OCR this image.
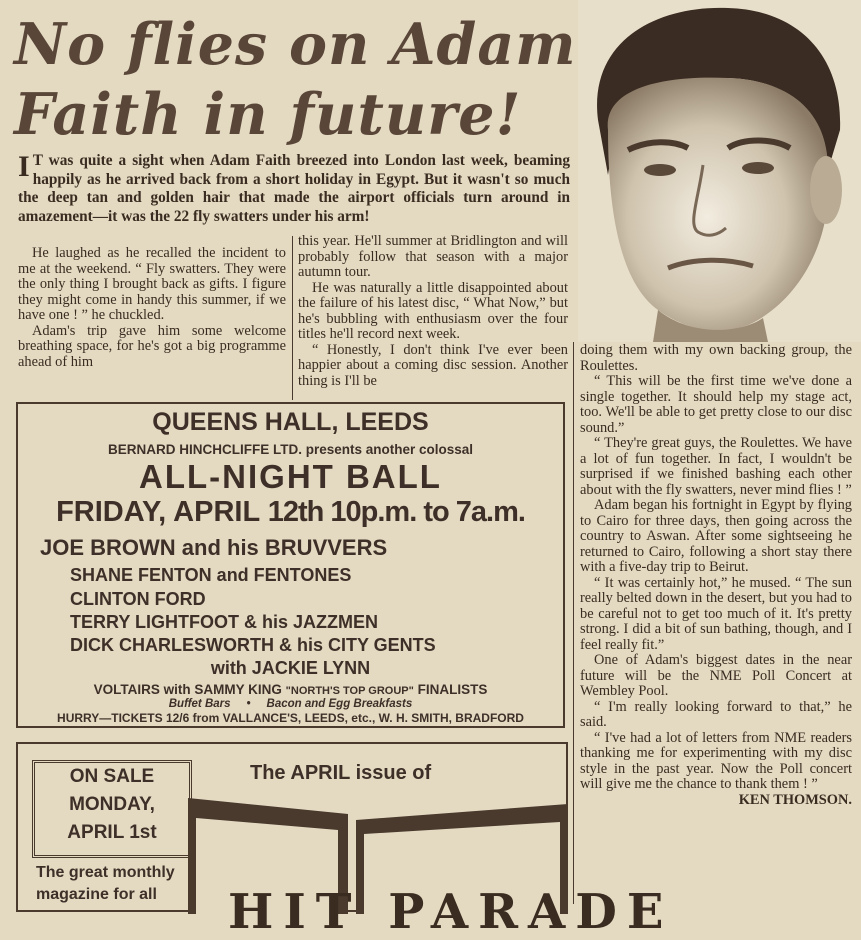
No flies on Adam
Faith in future!
I T was quite a sight when Adam Faith breezed into London last week, beaming happily as he arrived back from a short holiday in Egypt. But it wasn't so much the deep tan and golden hair that made the airport officials turn around in amazement—it was the 22 fly swatters under his arm!

He laughed as he recalled the incident to me at the weekend. “ Fly swatters. They were the only thing I brought back as gifts. I figure they might come in handy this summer, if we have one ! ” he chuckled.

Adam's trip gave him some welcome breathing space, for he's got a big programme ahead of him

this year. He'll summer at Bridlington and will probably follow that season with a major autumn tour.

He was naturally a little disappointed about the failure of his latest disc, “ What Now,” but he's bubbling with enthusiasm over the four titles he'll record next week.

“ Honestly, I don't think I've ever been happier about a coming disc session. Another thing is I'll be

doing them with my own backing group, the Roulettes.

“ This will be the first time we've done a single together. It should help my stage act, too. We'll be able to get pretty close to our disc sound.”

“ They're great guys, the Roulettes. We have a lot of fun together. In fact, I wouldn't be surprised if we finished bashing each other about with the fly swatters, never mind flies ! ”

Adam began his fortnight in Egypt by flying to Cairo for three days, then going across the country to Aswan. After some sightseeing he returned to Cairo, following a short stay there with a five-day trip to Beirut.

“ It was certainly hot,” he mused. “ The sun really belted down in the desert, but you had to be careful not to get too much of it. It's pretty strong. I did a bit of sun bathing, though, and I feel really fit.”

One of Adam's biggest dates in the near future will be the NME Poll Concert at Wembley Pool.

“ I'm really looking forward to that,” he said.

“ I've had a lot of letters from NME readers thanking me for experimenting with my disc style in the past year. Now the Poll concert will give me the chance to thank them ! ”

KEN THOMSON.
QUEENS HALL, LEEDS
BERNARD HINCHCLIFFE LTD. presents another colossal
ALL-NIGHT BALL
FRIDAY, APRIL 12th 10p.m. to 7a.m.
JOE BROWN and his BRUVVERS
SHANE FENTON and FENTONES
CLINTON FORD
TERRY LIGHTFOOT & his JAZZMEN
DICK CHARLESWORTH & his CITY GENTS
with JACKIE LYNN
VOLTAIRS with SAMMY KING "NORTH'S TOP GROUP" FINALISTS
Buffet Bars • Bacon and Egg Breakfasts
HURRY—TICKETS 12/6 from VALLANCE'S, LEEDS, etc., W. H. SMITH, BRADFORD
ON SALE
MONDAY,
APRIL 1st
The great monthly
magazine for all
The APRIL issue of
HIT PARADE
